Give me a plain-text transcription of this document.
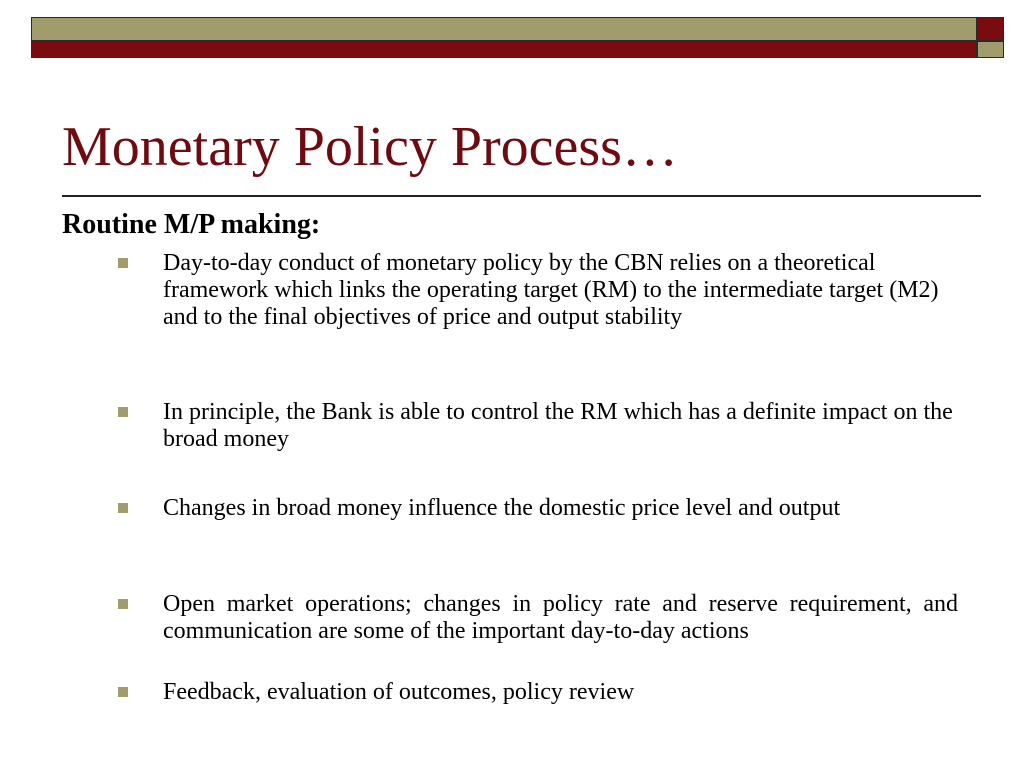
Monetary Policy Process…
Routine M/P making:
Day-to-day conduct of monetary policy by the CBN relies on a theoretical framework which links the operating target (RM) to the intermediate target (M2) and to the final objectives of price and output stability
In principle, the Bank is able to control the RM which has a definite impact on the broad money
Changes in broad money influence the domestic price level and output
Open market operations; changes in policy rate and reserve requirement, and communication are some of the important day-to-day actions
Feedback, evaluation of outcomes, policy review
